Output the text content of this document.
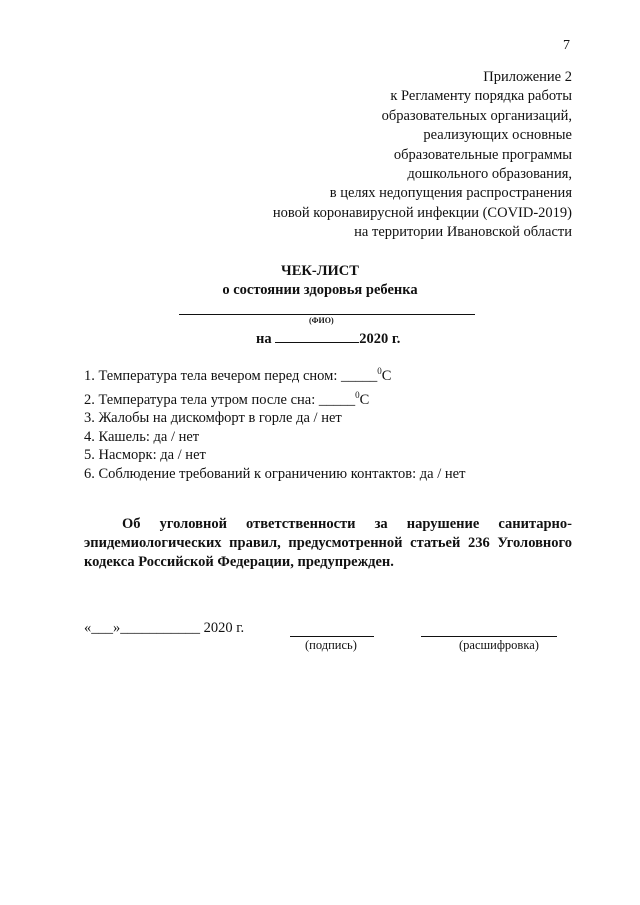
7
Приложение 2
к Регламенту порядка работы
образовательных организаций,
реализующих основные
образовательные программы
дошкольного образования,
в целях недопущения распространения
новой коронавирусной инфекции (COVID-2019)
на территории Ивановской области
ЧЕК-ЛИСТ
о состоянии здоровья ребенка
(ФИО)
на	2020 г.
1. Температура тела вечером перед сном: _____$^0$С
2. Температура тела утром после сна: _____$^0$С
3. Жалобы на дискомфорт в горле да / нет
4. Кашель: да / нет
5. Насморк: да / нет
6. Соблюдение требований к ограничению контактов: да / нет

Об уголовной ответственности за нарушение санитарно-эпидемиологических правил, предусмотренной статьей 236 Уголовного кодекса Российской Федерации, предупрежден.

«___»___________ 2020 г.
(подпись)	(расшифровка)
